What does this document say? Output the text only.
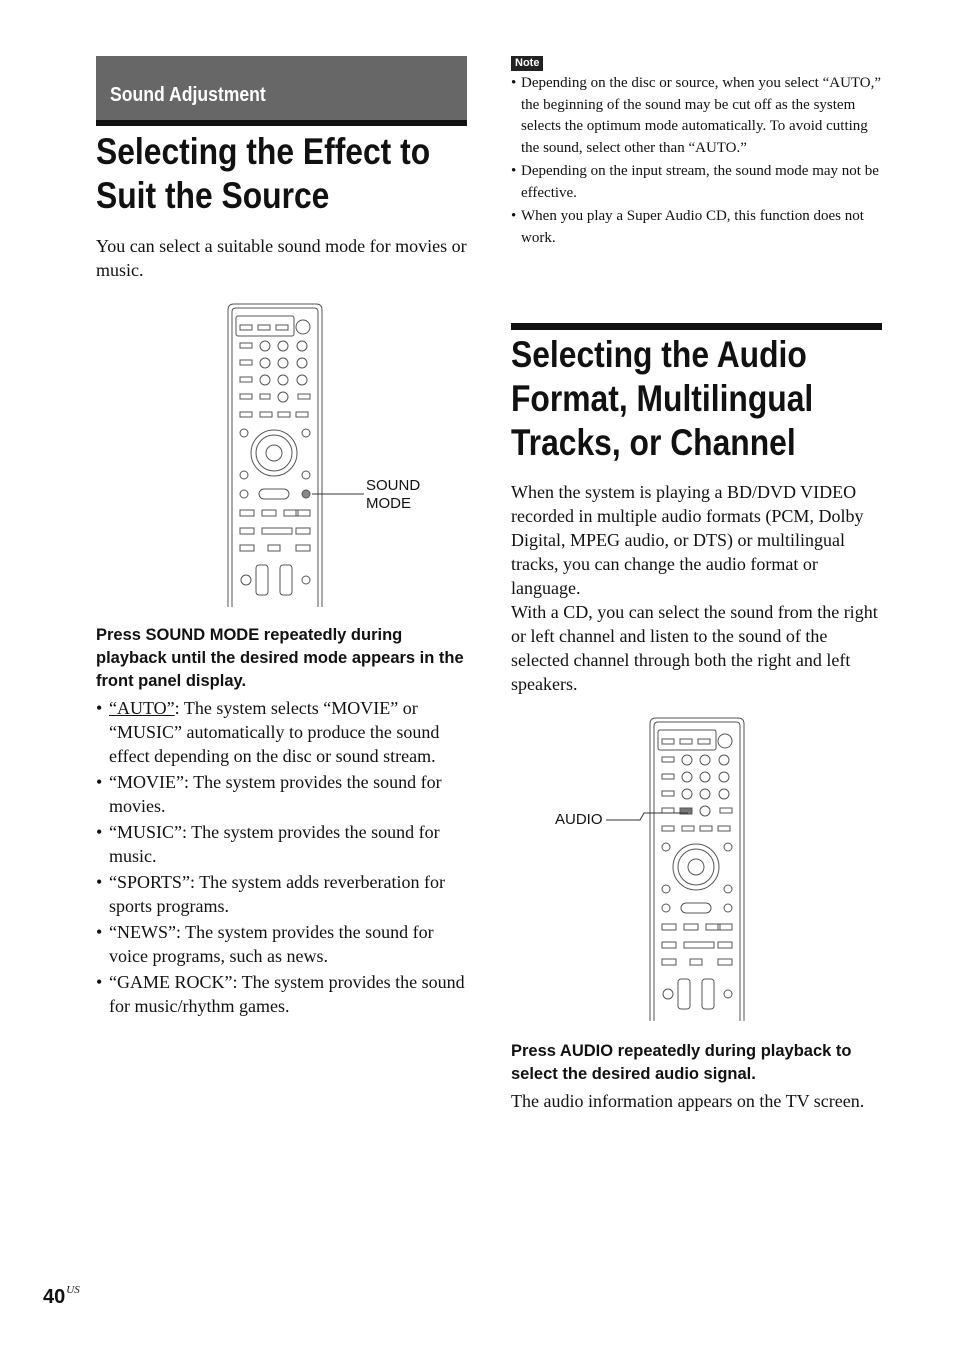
Sound Adjustment
Selecting the Effect to
Suit the Source

You can select a suitable sound mode for movies or music.

SOUND
MODE

Press SOUND MODE repeatedly during playback until the desired mode appears in the front panel display.

• “AUTO”: The system selects “MOVIE” or “MUSIC” automatically to produce the sound effect depending on the disc or sound stream.
• “MOVIE”: The system provides the sound for movies.
• “MUSIC”: The system provides the sound for music.
• “SPORTS”: The system adds reverberation for sports programs.
• “NEWS”: The system provides the sound for voice programs, such as news.
• “GAME ROCK”: The system provides the sound for music/rhythm games.
Note
• Depending on the disc or source, when you select “AUTO,” the beginning of the sound may be cut off as the system selects the optimum mode automatically. To avoid cutting the sound, select other than “AUTO.”
• Depending on the input stream, the sound mode may not be effective.
• When you play a Super Audio CD, this function does not work.
Selecting the Audio
Format, Multilingual
Tracks, or Channel

When the system is playing a BD/DVD VIDEO recorded in multiple audio formats (PCM, Dolby Digital, MPEG audio, or DTS) or multilingual tracks, you can change the audio format or language.

With a CD, you can select the sound from the right or left channel and listen to the sound of the selected channel through both the right and left speakers.

AUDIO

Press AUDIO repeatedly during playback to select the desired audio signal.

The audio information appears on the TV screen.

$40^{US}$
